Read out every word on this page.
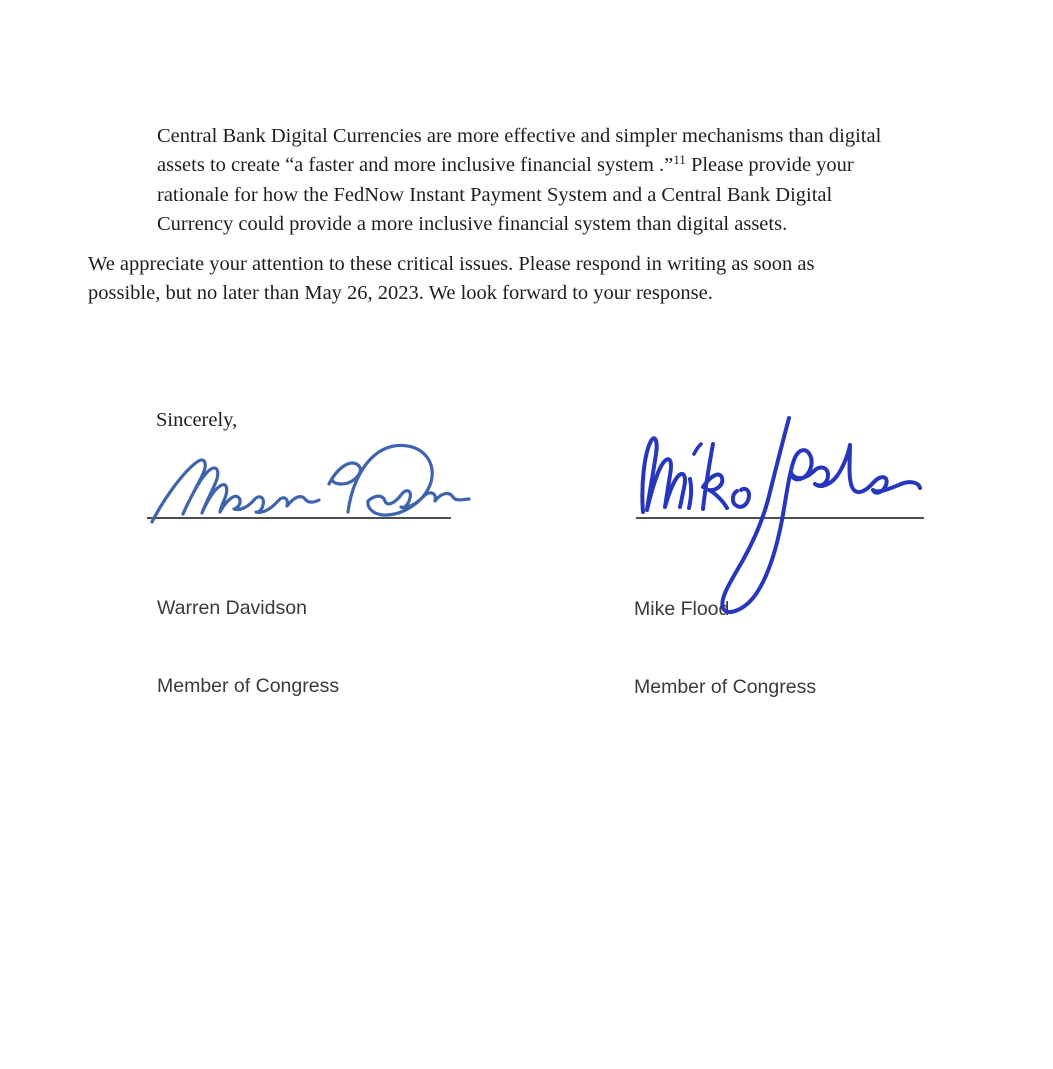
Central Bank Digital Currencies are more effective and simpler mechanisms than digital
assets to create “a faster and more inclusive financial system .”$^{11}$ Please provide your
rationale for how the FedNow Instant Payment System and a Central Bank Digital
Currency could provide a more inclusive financial system than digital assets.
We appreciate your attention to these critical issues. Please respond in writing as soon as
possible, but no later than May 26, 2023. We look forward to your response.
Sincerely,

Warren Davidson

Member of Congress

Mike Flood

Member of Congress
